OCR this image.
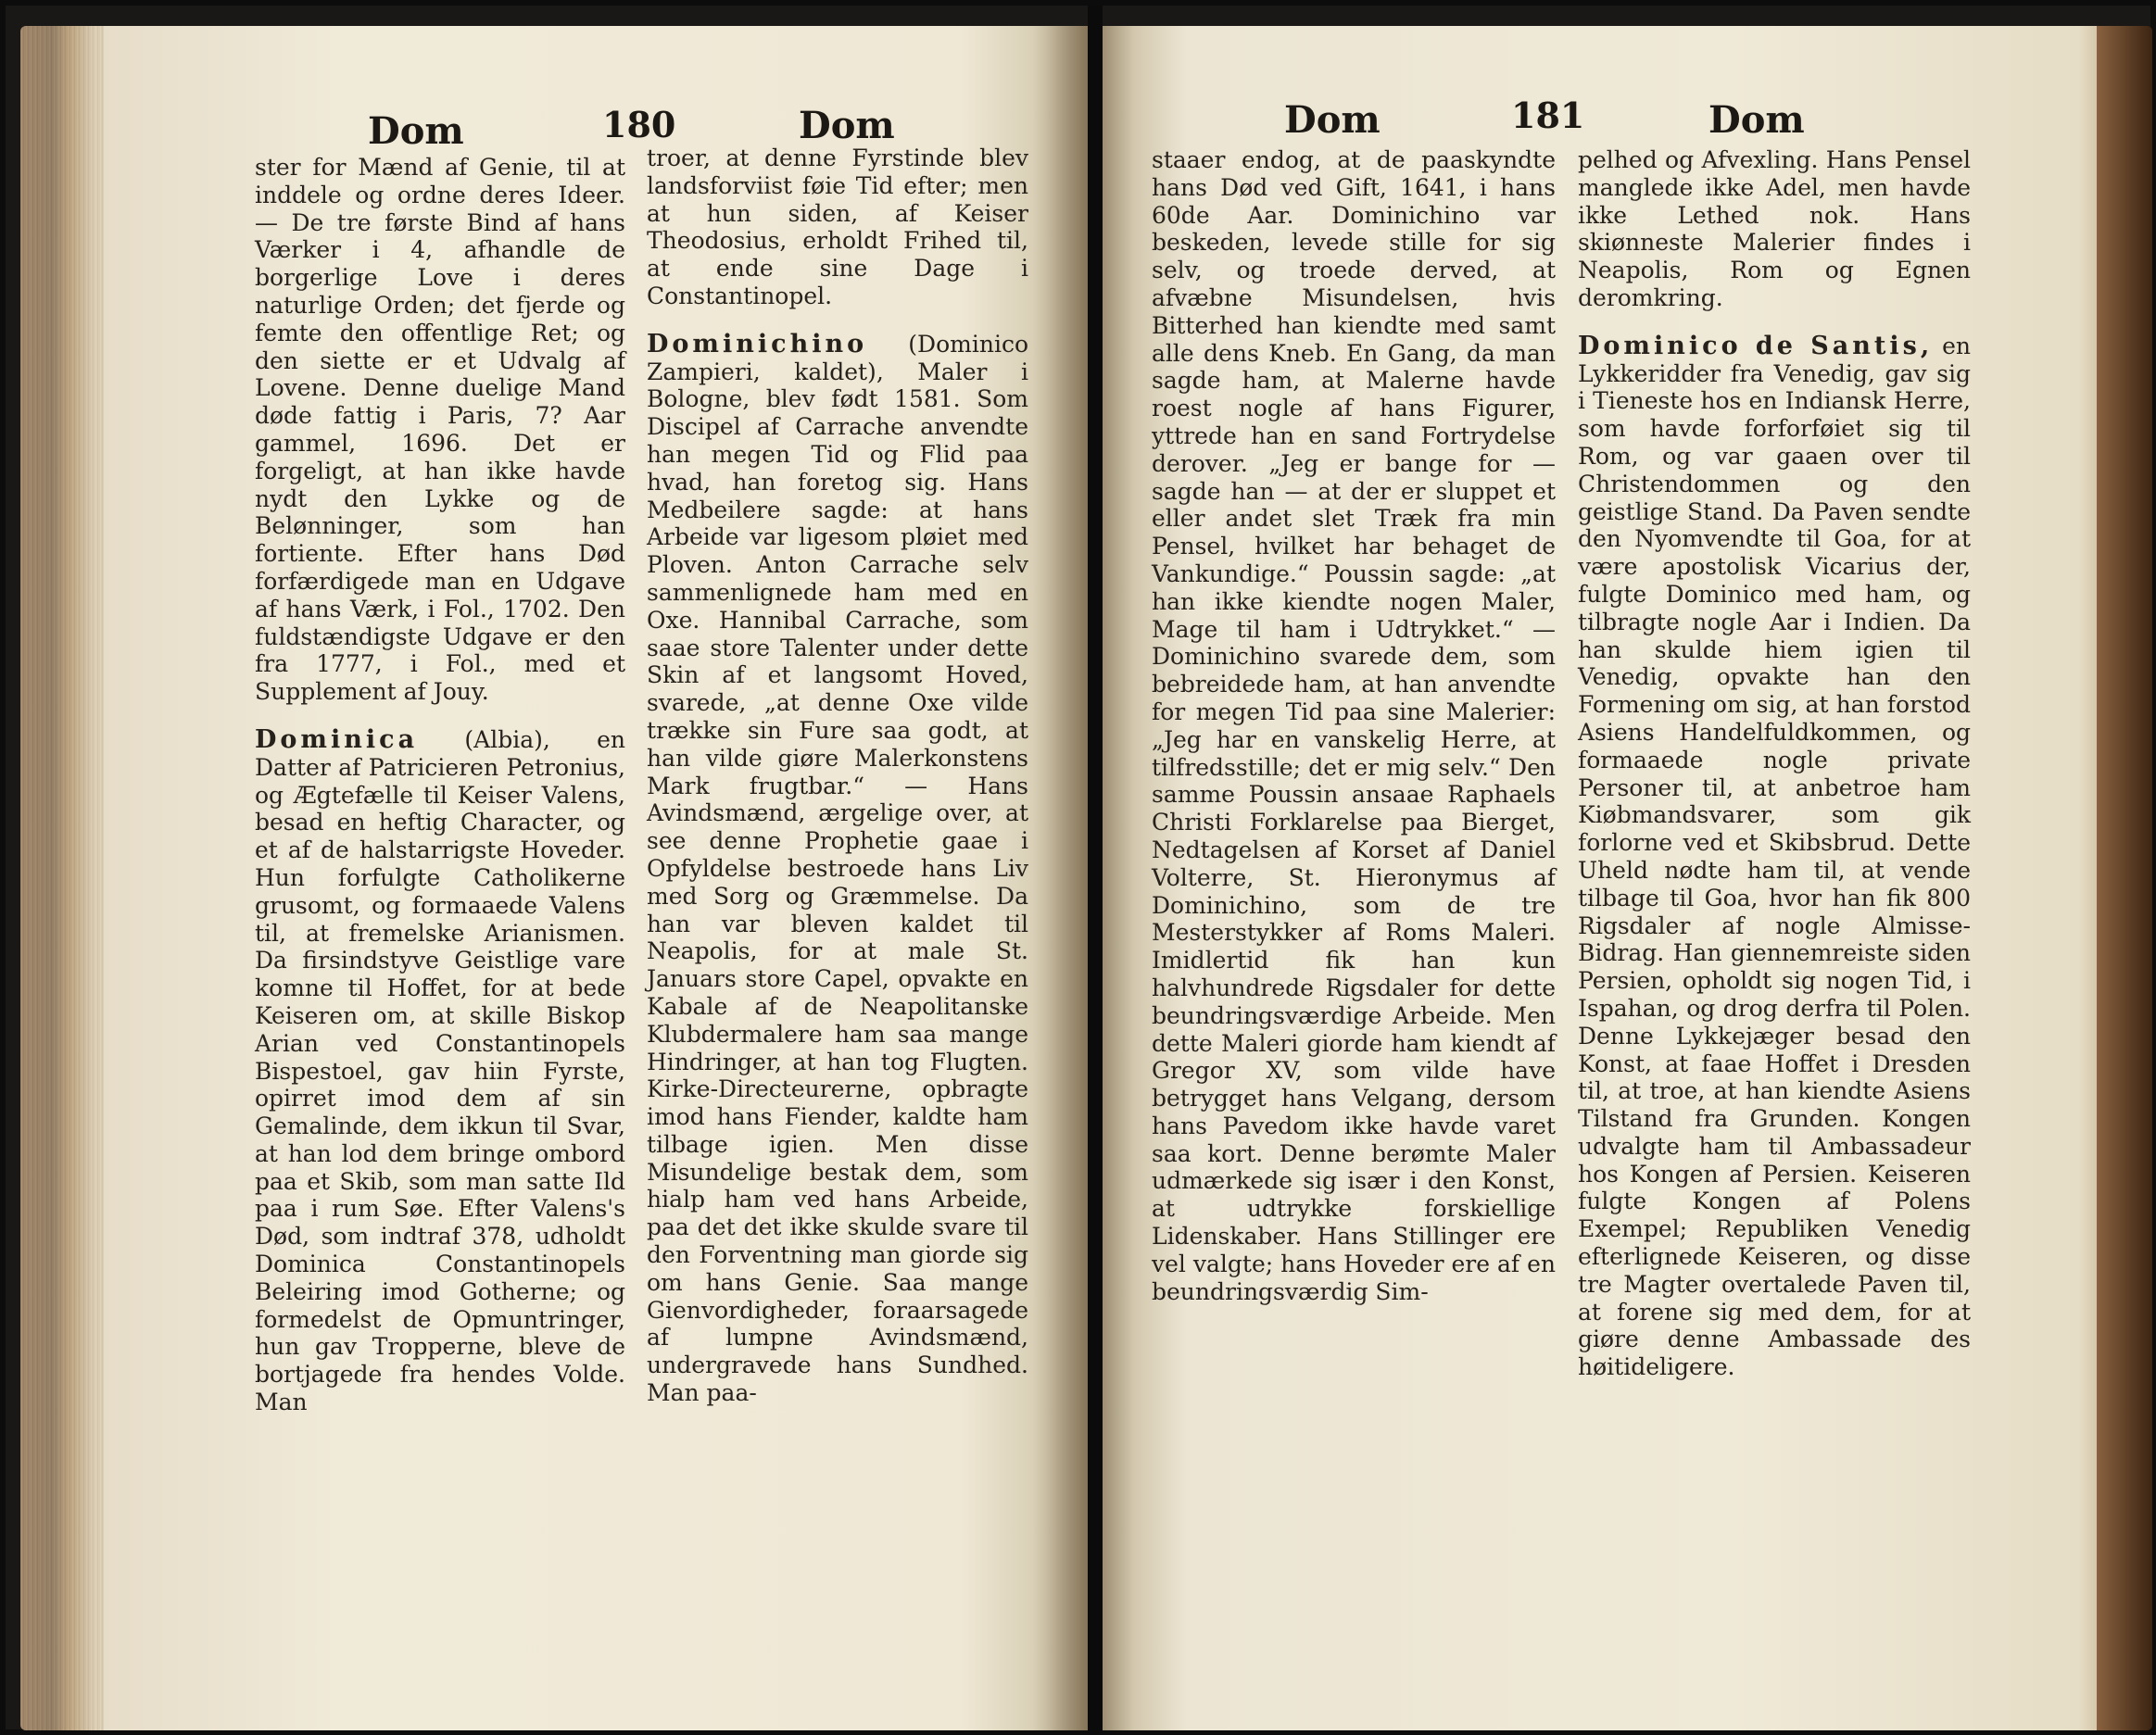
Dom	180	Dom

ster for Mænd af Genie, til at inddele og ordne deres Ideer. — De tre første Bind af hans Værker i 4, afhandle de borgerlige Love i deres naturlige Orden; det fjerde og femte den offentlige Ret; og den siette er et Udvalg af Lovene. Denne duelige Mand døde fattig i Paris, 7? Aar gammel, 1696. Det er forgeligt, at han ikke havde nydt den Lykke og de Belønninger, som han fortiente. Efter hans Død forfærdigede man en Udgave af hans Værk, i Fol., 1702. Den fuldstændigste Udgave er den fra 1777, i Fol., med et Supplement af Jouy.

Dominica (Albia), en Datter af Patricieren Petronius, og Ægtefælle til Keiser Valens, besad en heftig Character, og et af de halstarrigste Hoveder. Hun forfulgte Catholikerne grusomt, og formaaede Valens til, at fremelske Arianismen. Da firsindstyve Geistlige vare komne til Hoffet, for at bede Keiseren om, at skille Biskop Arian ved Constantinopels Bispestoel, gav hiin Fyrste, opirret imod dem af sin Gemalinde, dem ikkun til Svar, at han lod dem bringe ombord paa et Skib, som man satte Ild paa i rum Søe. Efter Valens's Død, som indtraf 378, udholdt Dominica Constantinopels Beleiring imod Gotherne; og formedelst de Opmuntringer, hun gav Tropperne, bleve de bortjagede fra hendes Volde. Man

troer, at denne Fyrstinde blev landsforviist føie Tid efter; men at hun siden, af Keiser Theodosius, erholdt Frihed til, at ende sine Dage i Constantinopel.

Dominichino (Dominico Zampieri, kaldet), Maler i Bologne, blev født 1581. Som Discipel af Carrache anvendte han megen Tid og Flid paa hvad, han foretog sig. Hans Medbeilere sagde: at hans Arbeide var ligesom pløiet med Ploven. Anton Carrache selv sammenlignede ham med en Oxe. Hannibal Carrache, som saae store Talenter under dette Skin af et langsomt Hoved, svarede, „at denne Oxe vilde trække sin Fure saa godt, at han vilde giøre Malerkonstens Mark frugtbar.“ — Hans Avindsmænd, ærgelige over, at see denne Prophetie gaae i Opfyldelse bestroede hans Liv med Sorg og Græmmelse. Da han var bleven kaldet til Neapolis, for at male St. Januars store Capel, opvakte en Kabale af de Neapolitanske Klubdermalere ham saa mange Hindringer, at han tog Flugten. Kirke-Directeurerne, opbragte imod hans Fiender, kaldte ham tilbage igien. Men disse Misundelige bestak dem, som hialp ham ved hans Arbeide, paa det det ikke skulde svare til den Forventning man giorde sig om hans Genie. Saa mange Gienvordigheder, foraarsagede af lumpne Avindsmænd, undergravede hans Sundhed. Man paa-

Dom	181	Dom

staaer endog, at de paaskyndte hans Død ved Gift, 1641, i hans 60de Aar. Dominichino var beskeden, levede stille for sig selv, og troede derved, at afvæbne Misundelsen, hvis Bitterhed han kiendte med samt alle dens Kneb. En Gang, da man sagde ham, at Malerne havde roest nogle af hans Figurer, yttrede han en sand Fortrydelse derover. „Jeg er bange for — sagde han — at der er sluppet et eller andet slet Træk fra min Pensel, hvilket har behaget de Vankundige.“ Poussin sagde: „at han ikke kiendte nogen Maler, Mage til ham i Udtrykket.“ — Dominichino svarede dem, som bebreidede ham, at han anvendte for megen Tid paa sine Malerier: „Jeg har en vanskelig Herre, at tilfredsstille; det er mig selv.“ Den samme Poussin ansaae Raphaels Christi Forklarelse paa Bierget, Nedtagelsen af Korset af Daniel Volterre, St. Hieronymus af Dominichino, som de tre Mesterstykker af Roms Maleri. Imidlertid fik han kun halvhundrede Rigsdaler for dette beundringsværdige Arbeide. Men dette Maleri giorde ham kiendt af Gregor XV, som vilde have betrygget hans Velgang, dersom hans Pavedom ikke havde varet saa kort. Denne berømte Maler udmærkede sig især i den Konst, at udtrykke forskiellige Lidenskaber. Hans Stillinger ere vel valgte; hans Hoveder ere af en beundringsværdig Sim-

pelhed og Afvexling. Hans Pensel manglede ikke Adel, men havde ikke Lethed nok. Hans skiønneste Malerier findes i Neapolis, Rom og Egnen deromkring.

Dominico de Santis, en Lykkeridder fra Venedig, gav sig i Tieneste hos en Indiansk Herre, som havde forforføiet sig til Rom, og var gaaen over til Christendommen og den geistlige Stand. Da Paven sendte den Nyomvendte til Goa, for at være apostolisk Vicarius der, fulgte Dominico med ham, og tilbragte nogle Aar i Indien. Da han skulde hiem igien til Venedig, opvakte han den Formening om sig, at han forstod Asiens Handelfuldkommen, og formaaede nogle private Personer til, at anbetroe ham Kiøbmandsvarer, som gik forlorne ved et Skibsbrud. Dette Uheld nødte ham til, at vende tilbage til Goa, hvor han fik 800 Rigsdaler af nogle Almisse-Bidrag. Han giennemreiste siden Persien, opholdt sig nogen Tid, i Ispahan, og drog derfra til Polen. Denne Lykkejæger besad den Konst, at faae Hoffet i Dresden til, at troe, at han kiendte Asiens Tilstand fra Grunden. Kongen udvalgte ham til Ambassadeur hos Kongen af Persien. Keiseren fulgte Kongen af Polens Exempel; Republiken Venedig efterlignede Keiseren, og disse tre Magter overtalede Paven til, at forene sig med dem, for at giøre denne Ambassade des høitideligere.
